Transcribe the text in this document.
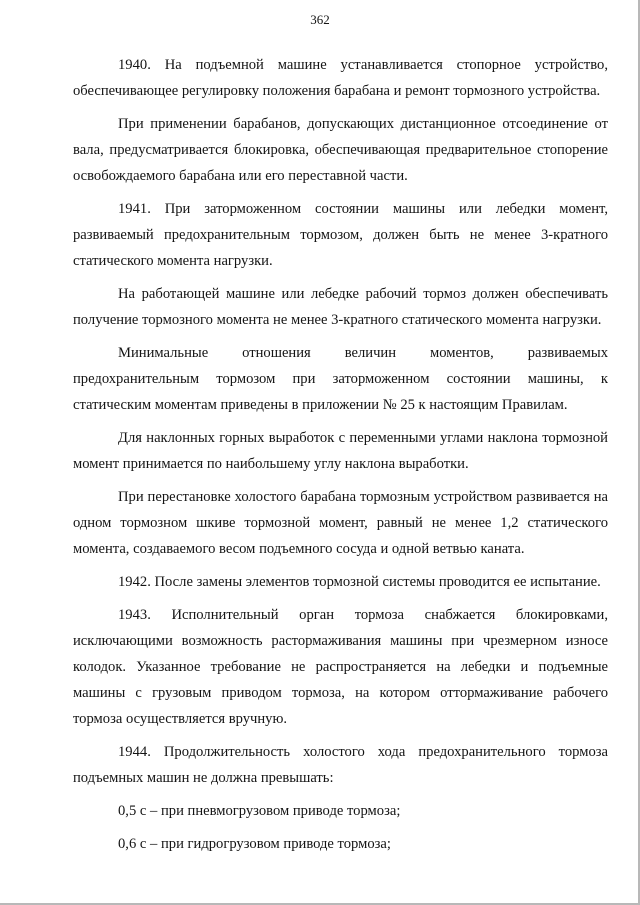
362

1940. На подъемной машине устанавливается стопорное устройство, обеспечивающее регулировку положения барабана и ремонт тормозного устройства.

При применении барабанов, допускающих дистанционное отсоединение от вала, предусматривается блокировка, обеспечивающая предварительное стопорение освобождаемого барабана или его переставной части.

1941. При заторможенном состоянии машины или лебедки момент, развиваемый предохранительным тормозом, должен быть не менее 3-кратного статического момента нагрузки.

На работающей машине или лебедке рабочий тормоз должен обеспечивать получение тормозного момента не менее 3-кратного статического момента нагрузки.

Минимальные отношения величин моментов, развиваемых предохранительным тормозом при заторможенном состоянии машины, к статическим моментам приведены в приложении № 25 к настоящим Правилам.

Для наклонных горных выработок с переменными углами наклона тормозной момент принимается по наибольшему углу наклона выработки.

При перестановке холостого барабана тормозным устройством развивается на одном тормозном шкиве тормозной момент, равный не менее 1,2 статического момента, создаваемого весом подъемного сосуда и одной ветвью каната.

1942. После замены элементов тормозной системы проводится ее испытание.

1943. Исполнительный орган тормоза снабжается блокировками, исключающими возможность растормаживания машины при чрезмерном износе колодок. Указанное требование не распространяется на лебедки и подъемные машины с грузовым приводом тормоза, на котором оттормаживание рабочего тормоза осуществляется вручную.

1944. Продолжительность холостого хода предохранительного тормоза подъемных машин не должна превышать:

0,5 с – при пневмогрузовом приводе тормоза;

0,6 с – при гидрогрузовом приводе тормоза;
